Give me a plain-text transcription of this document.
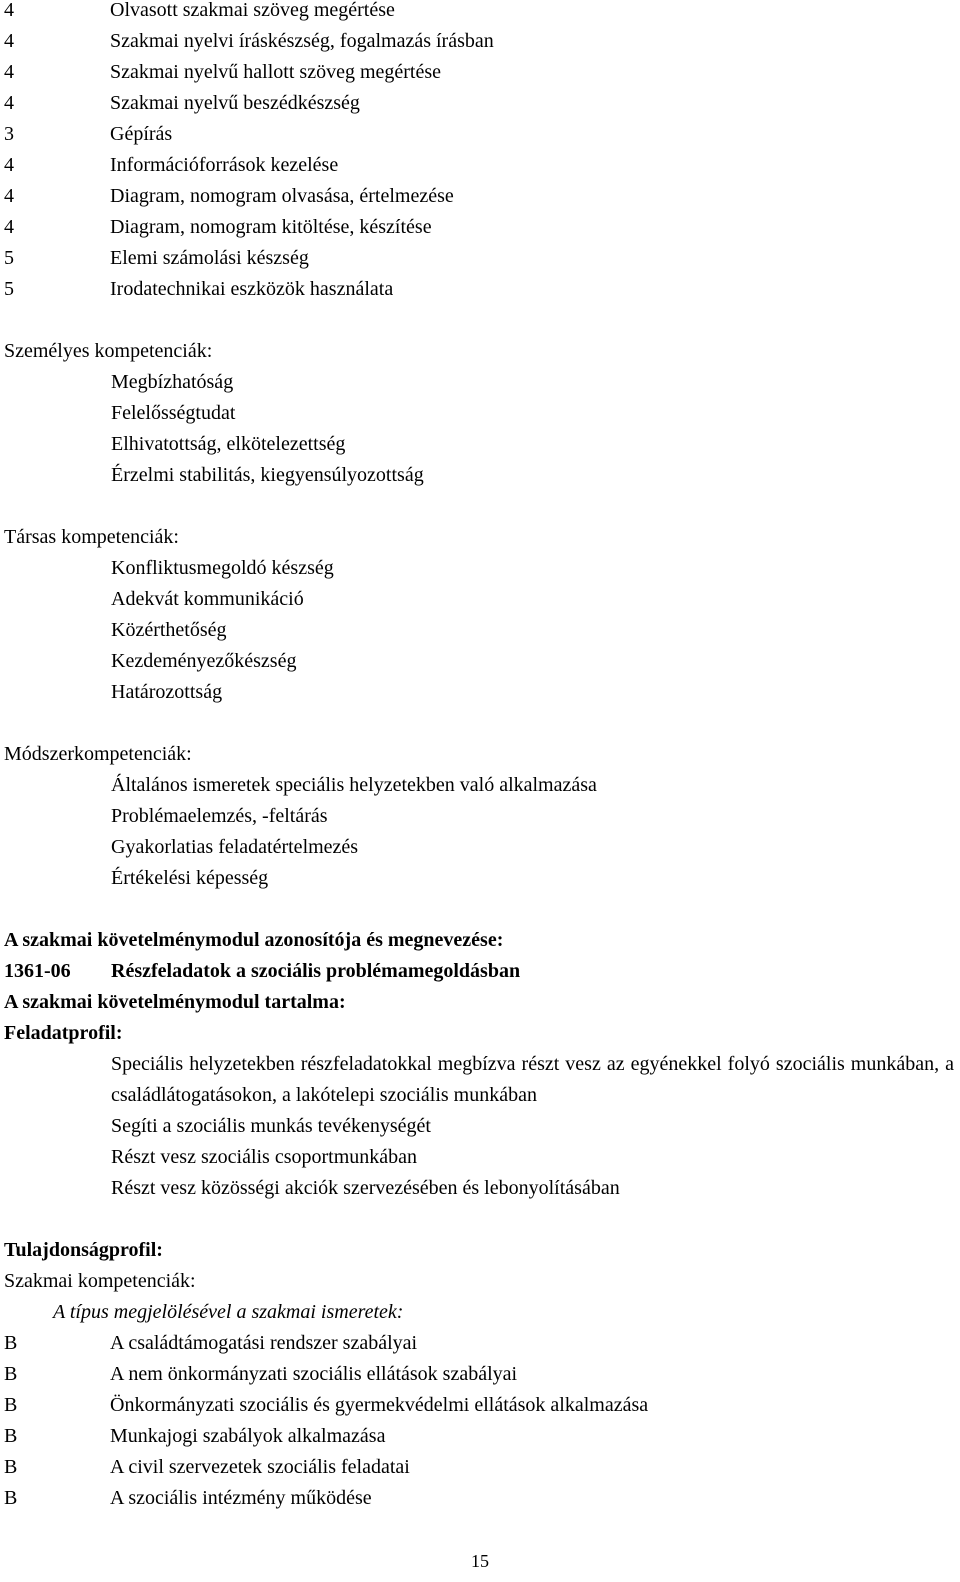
4	Olvasott szakmai szöveg megértése
4	Szakmai nyelvi íráskészség, fogalmazás írásban
4	Szakmai nyelvű hallott szöveg megértése
4	Szakmai nyelvű beszédkészség
3	Gépírás
4	Információforrások kezelése
4	Diagram, nomogram olvasása, értelmezése
4	Diagram, nomogram kitöltése, készítése
5	Elemi számolási készség
5	Irodatechnikai eszközök használata
Személyes kompetenciák:
Megbízhatóság
Felelősségtudat
Elhivatottság, elkötelezettség
Érzelmi stabilitás, kiegyensúlyozottság
Társas kompetenciák:
Konfliktusmegoldó készség
Adekvát kommunikáció
Közérthetőség
Kezdeményezőkészség
Határozottság
Módszerkompetenciák:
Általános ismeretek speciális helyzetekben való alkalmazása
Problémaelemzés, -feltárás
Gyakorlatias feladatértelmezés
Értékelési képesség
A szakmai követelménymodul azonosítója és megnevezése:
1361-06	Részfeladatok a szociális problémamegoldásban
A szakmai követelménymodul tartalma:
Feladatprofil:
Speciális helyzetekben részfeladatokkal megbízva részt vesz az egyénekkel folyó szociális munkában, a családlátogatásokon, a lakótelepi szociális munkában
Segíti a szociális munkás tevékenységét
Részt vesz szociális csoportmunkában
Részt vesz közösségi akciók szervezésében és lebonyolításában
Tulajdonságprofil:
Szakmai kompetenciák:
A típus megjelölésével a szakmai ismeretek:
B	A családtámogatási rendszer szabályai
B	A nem önkormányzati szociális ellátások szabályai
B	Önkormányzati szociális és gyermekvédelmi ellátások alkalmazása
B	Munkajogi szabályok alkalmazása
B	A civil szervezetek szociális feladatai
B	A szociális intézmény működése
15
